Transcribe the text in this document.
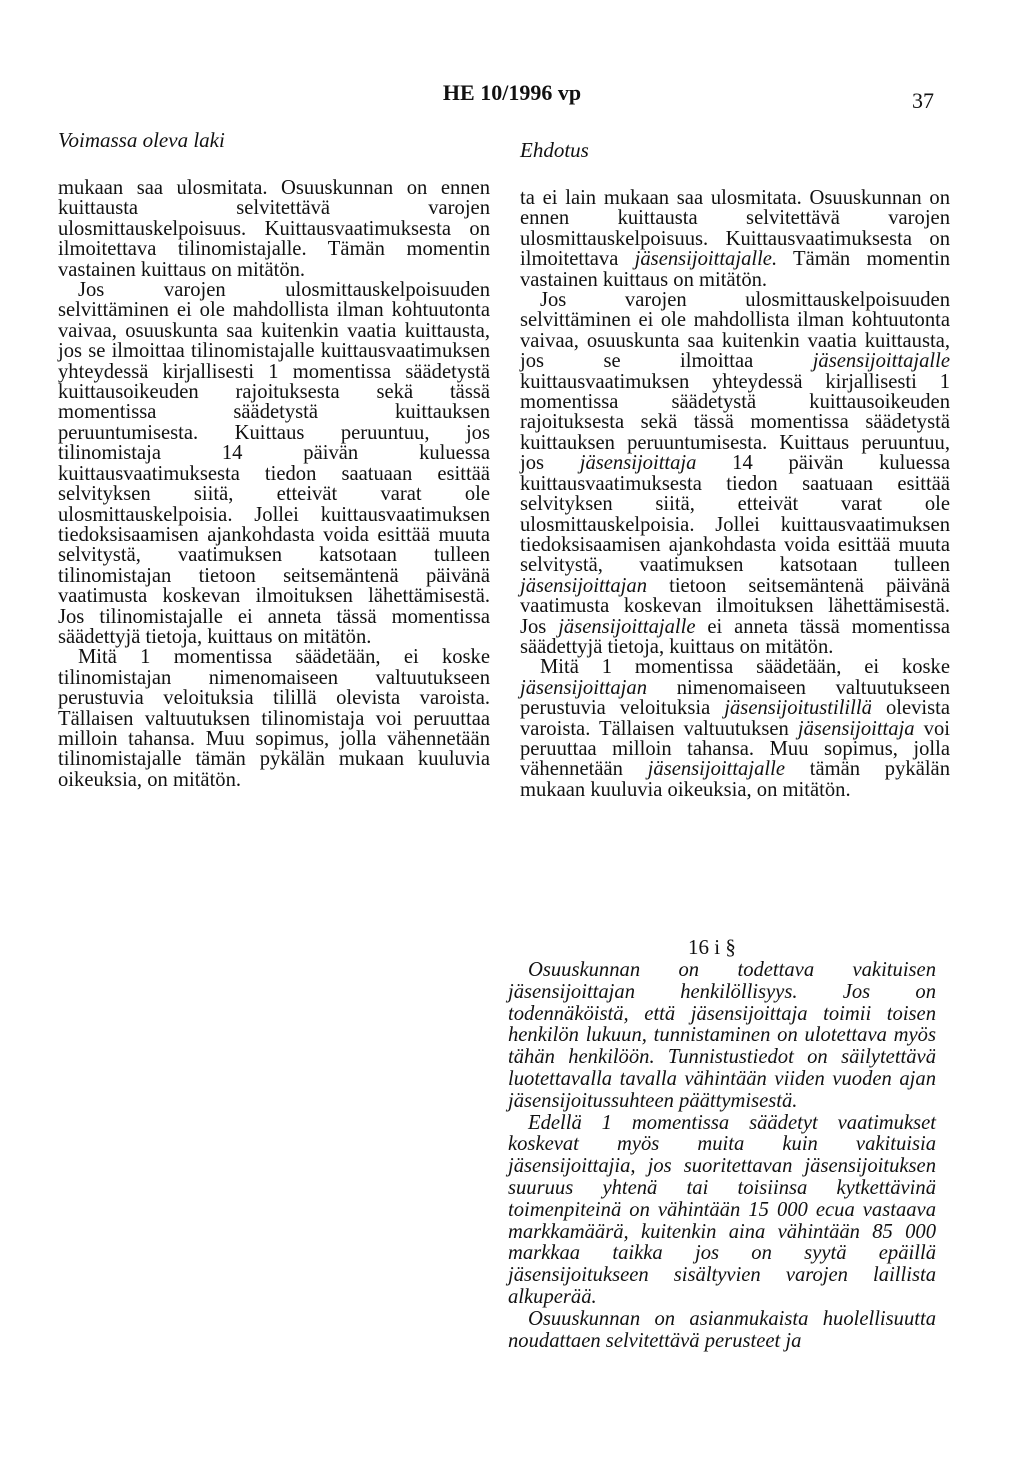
HE 10/1996 vp	37
Voimassa oleva laki	Ehdotus

mukaan saa ulosmitata. Osuuskunnan on ennen kuittausta selvitettävä varojen ulosmittauskelpoisuus. Kuittausvaatimuksesta on ilmoitettava tilinomistajalle. Tämän momentin vastainen kuittaus on mitätön.

Jos varojen ulosmittauskelpoisuuden selvittäminen ei ole mahdollista ilman kohtuutonta vaivaa, osuuskunta saa kuitenkin vaatia kuittausta, jos se ilmoittaa tilinomistajalle kuittausvaatimuksen yhteydessä kirjallisesti 1 momentissa säädetystä kuittausoikeuden rajoituksesta sekä tässä momentissa säädetystä kuittauksen peruuntumisesta. Kuittaus peruuntuu, jos tilinomistaja 14 päivän kuluessa kuittausvaatimuksesta tiedon saatuaan esittää selvityksen siitä, etteivät varat ole ulosmittauskelpoisia. Jollei kuittausvaatimuksen tiedoksisaamisen ajankohdasta voida esittää muuta selvitystä, vaatimuksen katsotaan tulleen tilinomistajan tietoon seitsemäntenä päivänä vaatimusta koskevan ilmoituksen lähettämisestä. Jos tilinomistajalle ei anneta tässä momentissa säädettyjä tietoja, kuittaus on mitätön.

Mitä 1 momentissa säädetään, ei koske tilinomistajan nimenomaiseen valtuutukseen perustuvia veloituksia tilillä olevista varoista. Tällaisen valtuutuksen tilinomistaja voi peruuttaa milloin tahansa. Muu sopimus, jolla vähennetään tilinomistajalle tämän pykälän mukaan kuuluvia oikeuksia, on mitätön.

ta ei lain mukaan saa ulosmitata. Osuuskunnan on ennen kuittausta selvitettävä varojen ulosmittauskelpoisuus. Kuittausvaatimuksesta on ilmoitettava jäsensijoittajalle. Tämän momentin vastainen kuittaus on mitätön.

Jos varojen ulosmittauskelpoisuuden selvittäminen ei ole mahdollista ilman kohtuutonta vaivaa, osuuskunta saa kuitenkin vaatia kuittausta, jos se ilmoittaa jäsensijoittajalle kuittausvaatimuksen yhteydessä kirjallisesti 1 momentissa säädetystä kuittausoikeuden rajoituksesta sekä tässä momentissa säädetystä kuittauksen peruuntumisesta. Kuittaus peruuntuu, jos jäsensijoittaja 14 päivän kuluessa kuittausvaatimuksesta tiedon saatuaan esittää selvityksen siitä, etteivät varat ole ulosmittauskelpoisia. Jollei kuittausvaatimuksen tiedoksisaamisen ajankohdasta voida esittää muuta selvitystä, vaatimuksen katsotaan tulleen jäsensijoittajan tietoon seitsemäntenä päivänä vaatimusta koskevan ilmoituksen lähettämisestä. Jos jäsensijoittajalle ei anneta tässä momentissa säädettyjä tietoja, kuittaus on mitätön.

Mitä 1 momentissa säädetään, ei koske jäsensijoittajan nimenomaiseen valtuutukseen perustuvia veloituksia jäsensijoitustilillä olevista varoista. Tällaisen valtuutuksen jäsensijoittaja voi peruuttaa milloin tahansa. Muu sopimus, jolla vähennetään jäsensijoittajalle tämän pykälän mukaan kuuluvia oikeuksia, on mitätön.

16 i §

Osuuskunnan on todettava vakituisen jäsensijoittajan henkilöllisyys. Jos on todennäköistä, että jäsensijoittaja toimii toisen henkilön lukuun, tunnistaminen on ulotettava myös tähän henkilöön. Tunnistustiedot on säilytettävä luotettavalla tavalla vähintään viiden vuoden ajan jäsensijoitussuhteen päättymisestä.

Edellä 1 momentissa säädetyt vaatimukset koskevat myös muita kuin vakituisia jäsensijoittajia, jos suoritettavan jäsensijoituksen suuruus yhtenä tai toisiinsa kytkettävinä toimenpiteinä on vähintään 15 000 ecua vastaava markkamäärä, kuitenkin aina vähintään 85 000 markkaa taikka jos on syytä epäillä jäsensijoitukseen sisältyvien varojen laillista alkuperää.

Osuuskunnan on asianmukaista huolellisuutta noudattaen selvitettävä perusteet ja
